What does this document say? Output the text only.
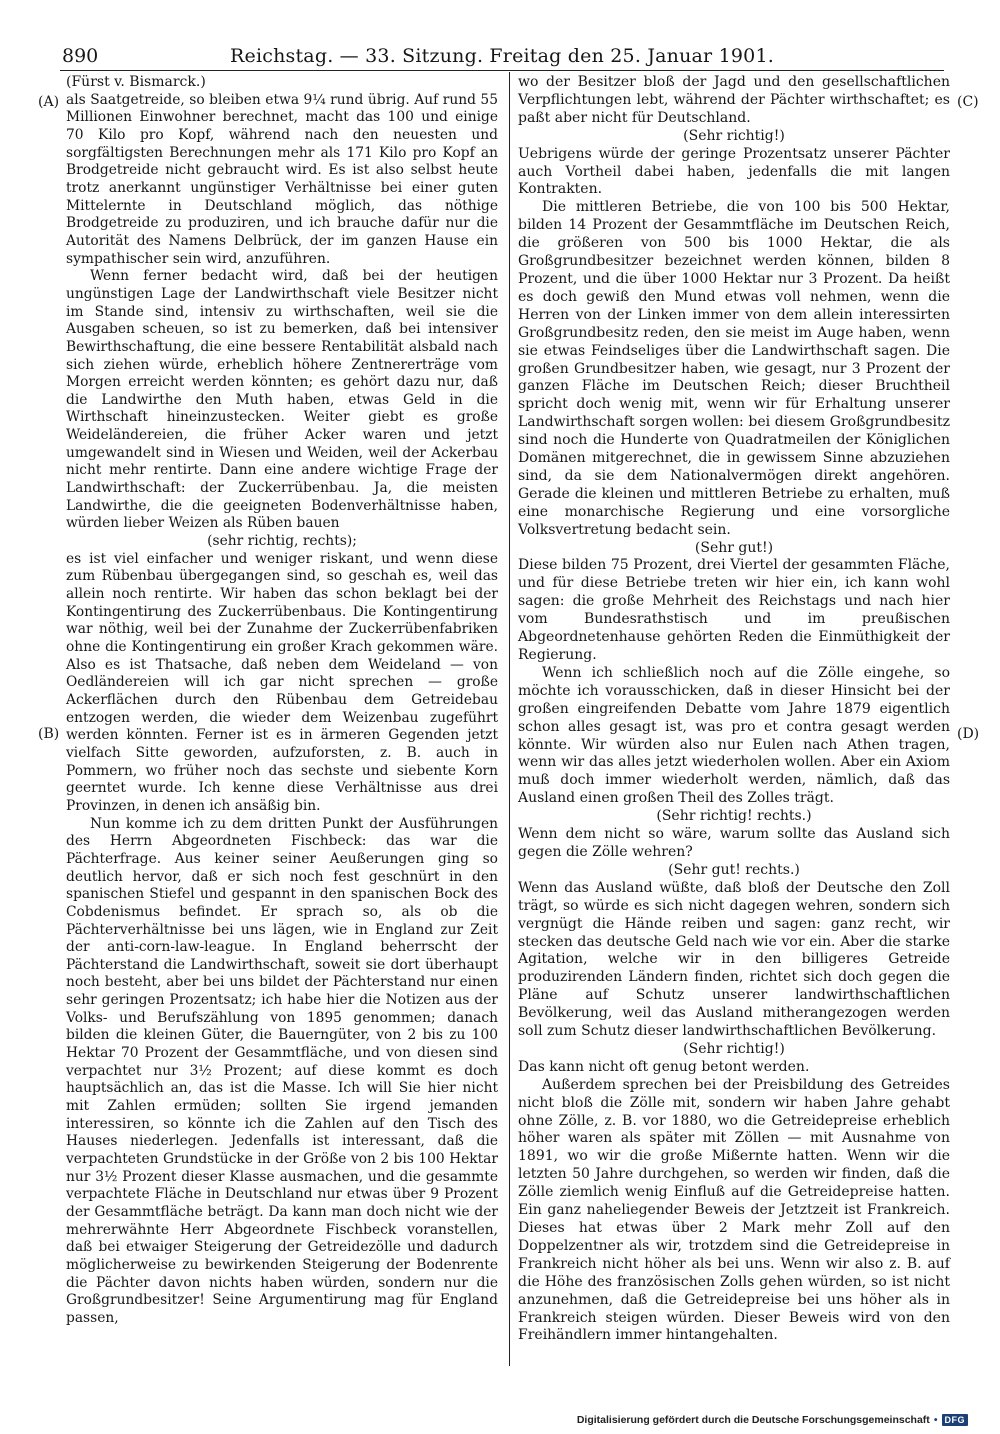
890	Reichstag. — 33. Sitzung. Freitag den 25. Januar 1901.
(A)
(B)
(C)
(D)

(Fürst v. Bismarck.)

als Saatgetreide, so bleiben etwa 9¼ rund übrig. Auf rund 55 Millionen Einwohner berechnet, macht das 100 und einige 70 Kilo pro Kopf, während nach den neuesten und sorgfältigsten Berechnungen mehr als 171 Kilo pro Kopf an Brodgetreide nicht gebraucht wird. Es ist also selbst heute trotz anerkannt ungünstiger Verhältnisse bei einer guten Mittelernte in Deutschland möglich, das nöthige Brodgetreide zu produziren, und ich brauche dafür nur die Autorität des Namens Delbrück, der im ganzen Hause ein sympathischer sein wird, anzuführen.

Wenn ferner bedacht wird, daß bei der heutigen ungünstigen Lage der Landwirthschaft viele Besitzer nicht im Stande sind, intensiv zu wirthschaften, weil sie die Ausgaben scheuen, so ist zu bemerken, daß bei intensiver Bewirthschaftung, die eine bessere Rentabilität alsbald nach sich ziehen würde, erheblich höhere Zentnererträge vom Morgen erreicht werden könnten; es gehört dazu nur, daß die Landwirthe den Muth haben, etwas Geld in die Wirthschaft hineinzustecken. Weiter giebt es große Weideländereien, die früher Acker waren und jetzt umgewandelt sind in Wiesen und Weiden, weil der Ackerbau nicht mehr rentirte. Dann eine andere wichtige Frage der Landwirthschaft: der Zuckerrübenbau. Ja, die meisten Landwirthe, die die geeigneten Bodenverhältnisse haben, würden lieber Weizen als Rüben bauen

(sehr richtig, rechts);

es ist viel einfacher und weniger riskant, und wenn diese zum Rübenbau übergegangen sind, so geschah es, weil das allein noch rentirte. Wir haben das schon beklagt bei der Kontingentirung des Zuckerrübenbaus. Die Kontingentirung war nöthig, weil bei der Zunahme der Zuckerrübenfabriken ohne die Kontingentirung ein großer Krach gekommen wäre. Also es ist Thatsache, daß neben dem Weideland — von Oedländereien will ich gar nicht sprechen — große Ackerflächen durch den Rübenbau dem Getreidebau entzogen werden, die wieder dem Weizenbau zugeführt werden könnten. Ferner ist es in ärmeren Gegenden jetzt vielfach Sitte geworden, aufzuforsten, z. B. auch in Pommern, wo früher noch das sechste und siebente Korn geerntet wurde. Ich kenne diese Verhältnisse aus drei Provinzen, in denen ich ansäßig bin.

Nun komme ich zu dem dritten Punkt der Ausführungen des Herrn Abgeordneten Fischbeck: das war die Pächterfrage. Aus keiner seiner Aeußerungen ging so deutlich hervor, daß er sich noch fest geschnürt in den spanischen Stiefel und gespannt in den spanischen Bock des Cobdenismus befindet. Er sprach so, als ob die Pächterverhältnisse bei uns lägen, wie in England zur Zeit der anti-corn-law-league. In England beherrscht der Pächterstand die Landwirthschaft, soweit sie dort überhaupt noch besteht, aber bei uns bildet der Pächterstand nur einen sehr geringen Prozentsatz; ich habe hier die Notizen aus der Volks- und Berufszählung von 1895 genommen; danach bilden die kleinen Güter, die Bauerngüter, von 2 bis zu 100 Hektar 70 Prozent der Gesammtfläche, und von diesen sind verpachtet nur 3½ Prozent; auf diese kommt es doch hauptsächlich an, das ist die Masse. Ich will Sie hier nicht mit Zahlen ermüden; sollten Sie irgend jemanden interessiren, so könnte ich die Zahlen auf den Tisch des Hauses niederlegen. Jedenfalls ist interessant, daß die verpachteten Grundstücke in der Größe von 2 bis 100 Hektar nur 3½ Prozent dieser Klasse ausmachen, und die gesammte verpachtete Fläche in Deutschland nur etwas über 9 Prozent der Gesammtfläche beträgt. Da kann man doch nicht wie der mehrerwähnte Herr Abgeordnete Fischbeck voranstellen, daß bei etwaiger Steigerung der Getreidezölle und dadurch möglicherweise zu bewirkenden Steigerung der Bodenrente die Pächter davon nichts haben würden, sondern nur die Großgrundbesitzer! Seine Argumentirung mag für England passen,

wo der Besitzer bloß der Jagd und den gesellschaftlichen Verpflichtungen lebt, während der Pächter wirthschaftet; es paßt aber nicht für Deutschland.

(Sehr richtig!)

Uebrigens würde der geringe Prozentsatz unserer Pächter auch Vortheil dabei haben, jedenfalls die mit langen Kontrakten.

Die mittleren Betriebe, die von 100 bis 500 Hektar, bilden 14 Prozent der Gesammtfläche im Deutschen Reich, die größeren von 500 bis 1000 Hektar, die als Großgrundbesitzer bezeichnet werden können, bilden 8 Prozent, und die über 1000 Hektar nur 3 Prozent. Da heißt es doch gewiß den Mund etwas voll nehmen, wenn die Herren von der Linken immer von dem allein interessirten Großgrundbesitz reden, den sie meist im Auge haben, wenn sie etwas Feindseliges über die Landwirthschaft sagen. Die großen Grundbesitzer haben, wie gesagt, nur 3 Prozent der ganzen Fläche im Deutschen Reich; dieser Bruchtheil spricht doch wenig mit, wenn wir für Erhaltung unserer Landwirthschaft sorgen wollen: bei diesem Großgrundbesitz sind noch die Hunderte von Quadratmeilen der Königlichen Domänen mitgerechnet, die in gewissem Sinne abzuziehen sind, da sie dem Nationalvermögen direkt angehören. Gerade die kleinen und mittleren Betriebe zu erhalten, muß eine monarchische Regierung und eine vorsorgliche Volksvertretung bedacht sein.

(Sehr gut!)

Diese bilden 75 Prozent, drei Viertel der gesammten Fläche, und für diese Betriebe treten wir hier ein, ich kann wohl sagen: die große Mehrheit des Reichstags und nach hier vom Bundesrathstisch und im preußischen Abgeordnetenhause gehörten Reden die Einmüthigkeit der Regierung.

Wenn ich schließlich noch auf die Zölle eingehe, so möchte ich vorausschicken, daß in dieser Hinsicht bei der großen eingreifenden Debatte vom Jahre 1879 eigentlich schon alles gesagt ist, was pro et contra gesagt werden könnte. Wir würden also nur Eulen nach Athen tragen, wenn wir das alles jetzt wiederholen wollen. Aber ein Axiom muß doch immer wiederholt werden, nämlich, daß das Ausland einen großen Theil des Zolles trägt.

(Sehr richtig! rechts.)

Wenn dem nicht so wäre, warum sollte das Ausland sich gegen die Zölle wehren?

(Sehr gut! rechts.)

Wenn das Ausland wüßte, daß bloß der Deutsche den Zoll trägt, so würde es sich nicht dagegen wehren, sondern sich vergnügt die Hände reiben und sagen: ganz recht, wir stecken das deutsche Geld nach wie vor ein. Aber die starke Agitation, welche wir in den billigeres Getreide produzirenden Ländern finden, richtet sich doch gegen die Pläne auf Schutz unserer landwirthschaftlichen Bevölkerung, weil das Ausland mitherangezogen werden soll zum Schutz dieser landwirthschaftlichen Bevölkerung.

(Sehr richtig!)

Das kann nicht oft genug betont werden.

Außerdem sprechen bei der Preisbildung des Getreides nicht bloß die Zölle mit, sondern wir haben Jahre gehabt ohne Zölle, z. B. vor 1880, wo die Getreidepreise erheblich höher waren als später mit Zöllen — mit Ausnahme von 1891, wo wir die große Mißernte hatten. Wenn wir die letzten 50 Jahre durchgehen, so werden wir finden, daß die Zölle ziemlich wenig Einfluß auf die Getreidepreise hatten. Ein ganz naheliegender Beweis der Jetztzeit ist Frankreich. Dieses hat etwas über 2 Mark mehr Zoll auf den Doppelzentner als wir, trotzdem sind die Getreidepreise in Frankreich nicht höher als bei uns. Wenn wir also z. B. auf die Höhe des französischen Zolls gehen würden, so ist nicht anzunehmen, daß die Getreidepreise bei uns höher als in Frankreich steigen würden. Dieser Beweis wird von den Freihändlern immer hintangehalten.

Digitalisierung gefördert durch die Deutsche Forschungsgemeinschaft • DFG
